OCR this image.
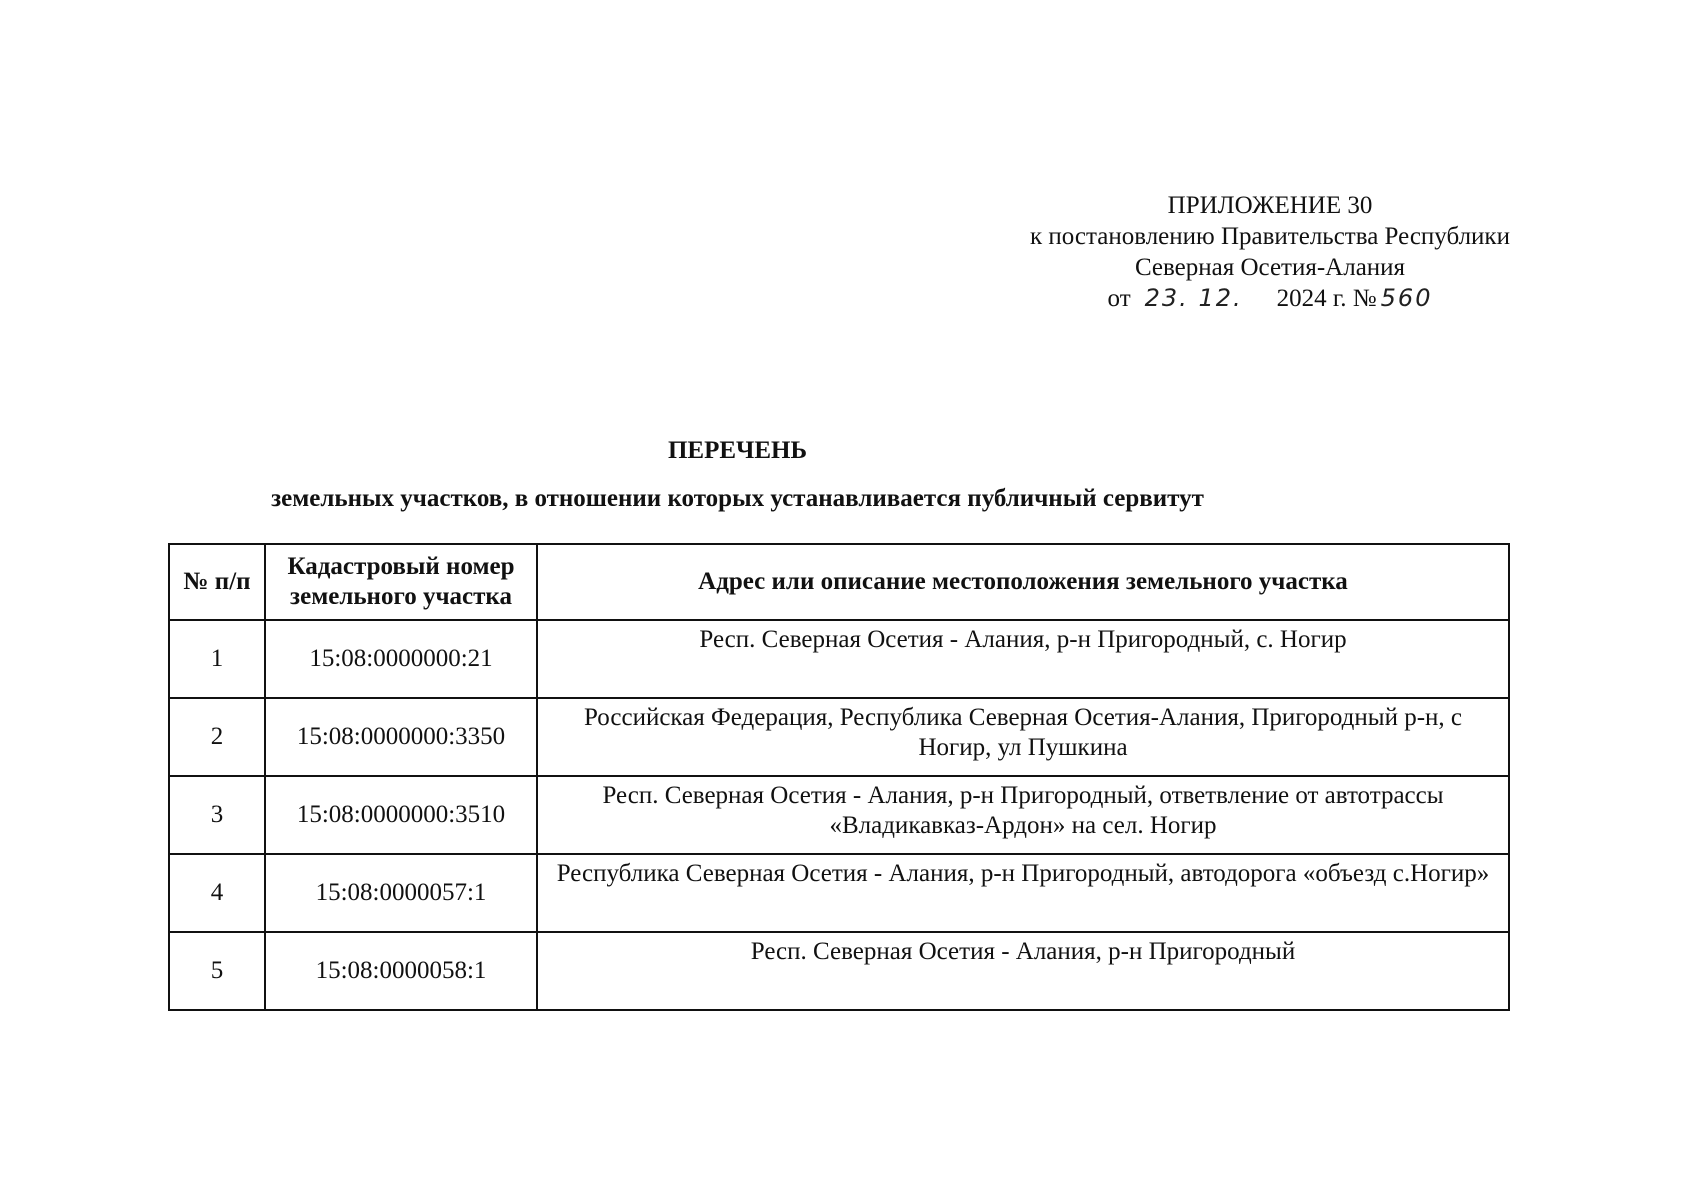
ПРИЛОЖЕНИЕ 30
к постановлению Правительства Республики
Северная Осетия-Алания
от 23. 12. 2024 г. № 560
ПЕРЕЧЕНЬ
земельных участков, в отношении которых устанавливается публичный сервитут
№ п/п	Кадастровый номер земельного участка	Адрес или описание местоположения земельного участка
1	15:08:0000000:21	Респ. Северная Осетия - Алания, р-н Пригородный, с. Ногир
2	15:08:0000000:3350	Российская Федерация, Республика Северная Осетия-Алания, Пригородный р-н, с Ногир, ул Пушкина
3	15:08:0000000:3510	Респ. Северная Осетия - Алания, р-н Пригородный, ответвление от автотрассы «Владикавказ-Ардон» на сел. Ногир
4	15:08:0000057:1	Республика Северная Осетия - Алания, р-н Пригородный, автодорога «объезд с.Ногир»
5	15:08:0000058:1	Респ. Северная Осетия - Алания, р-н Пригородный
